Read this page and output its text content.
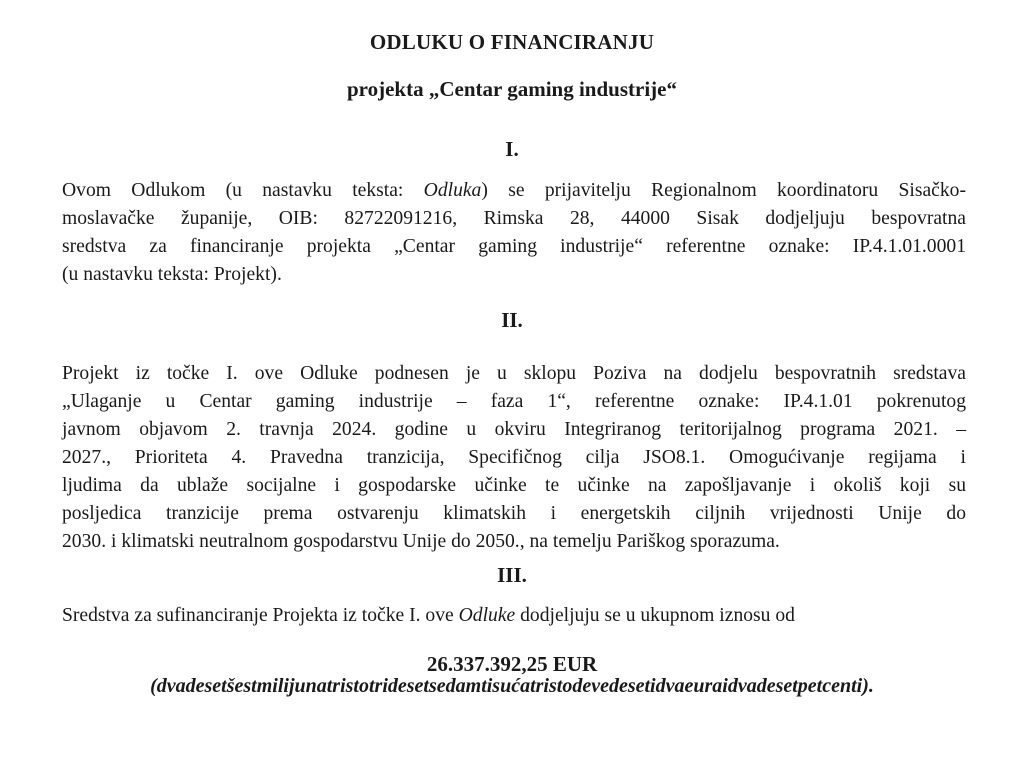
ODLUKU O FINANCIRANJU
projekta „Centar gaming industrije“
I.
Ovom Odlukom (u nastavku teksta: Odluka) se prijavitelju Regionalnom koordinatoru Sisačko-
moslavačke županije, OIB: 82722091216, Rimska 28, 44000 Sisak dodjeljuju bespovratna
sredstva za financiranje projekta „Centar gaming industrije“ referentne oznake: IP.4.1.01.0001
(u nastavku teksta: Projekt).
II.
Projekt iz točke I. ove Odluke podnesen je u sklopu Poziva na dodjelu bespovratnih sredstava
„Ulaganje u Centar gaming industrije – faza 1“, referentne oznake: IP.4.1.01 pokrenutog
javnom objavom 2. travnja 2024. godine u okviru Integriranog teritorijalnog programa 2021. –
2027., Prioriteta 4. Pravedna tranzicija, Specifičnog cilja JSO8.1. Omogućivanje regijama i
ljudima da ublaže socijalne i gospodarske učinke te učinke na zapošljavanje i okoliš koji su
posljedica tranzicije prema ostvarenju klimatskih i energetskih ciljnih vrijednosti Unije do
2030. i klimatski neutralnom gospodarstvu Unije do 2050., na temelju Pariškog sporazuma.
III.
Sredstva za sufinanciranje Projekta iz točke I. ove Odluke dodjeljuju se u ukupnom iznosu od
26.337.392,25 EUR
(dvadesetšestmilijunatristotridesetsedamtisućatristodevedesetidvaeuraidvadesetpetcenti).
